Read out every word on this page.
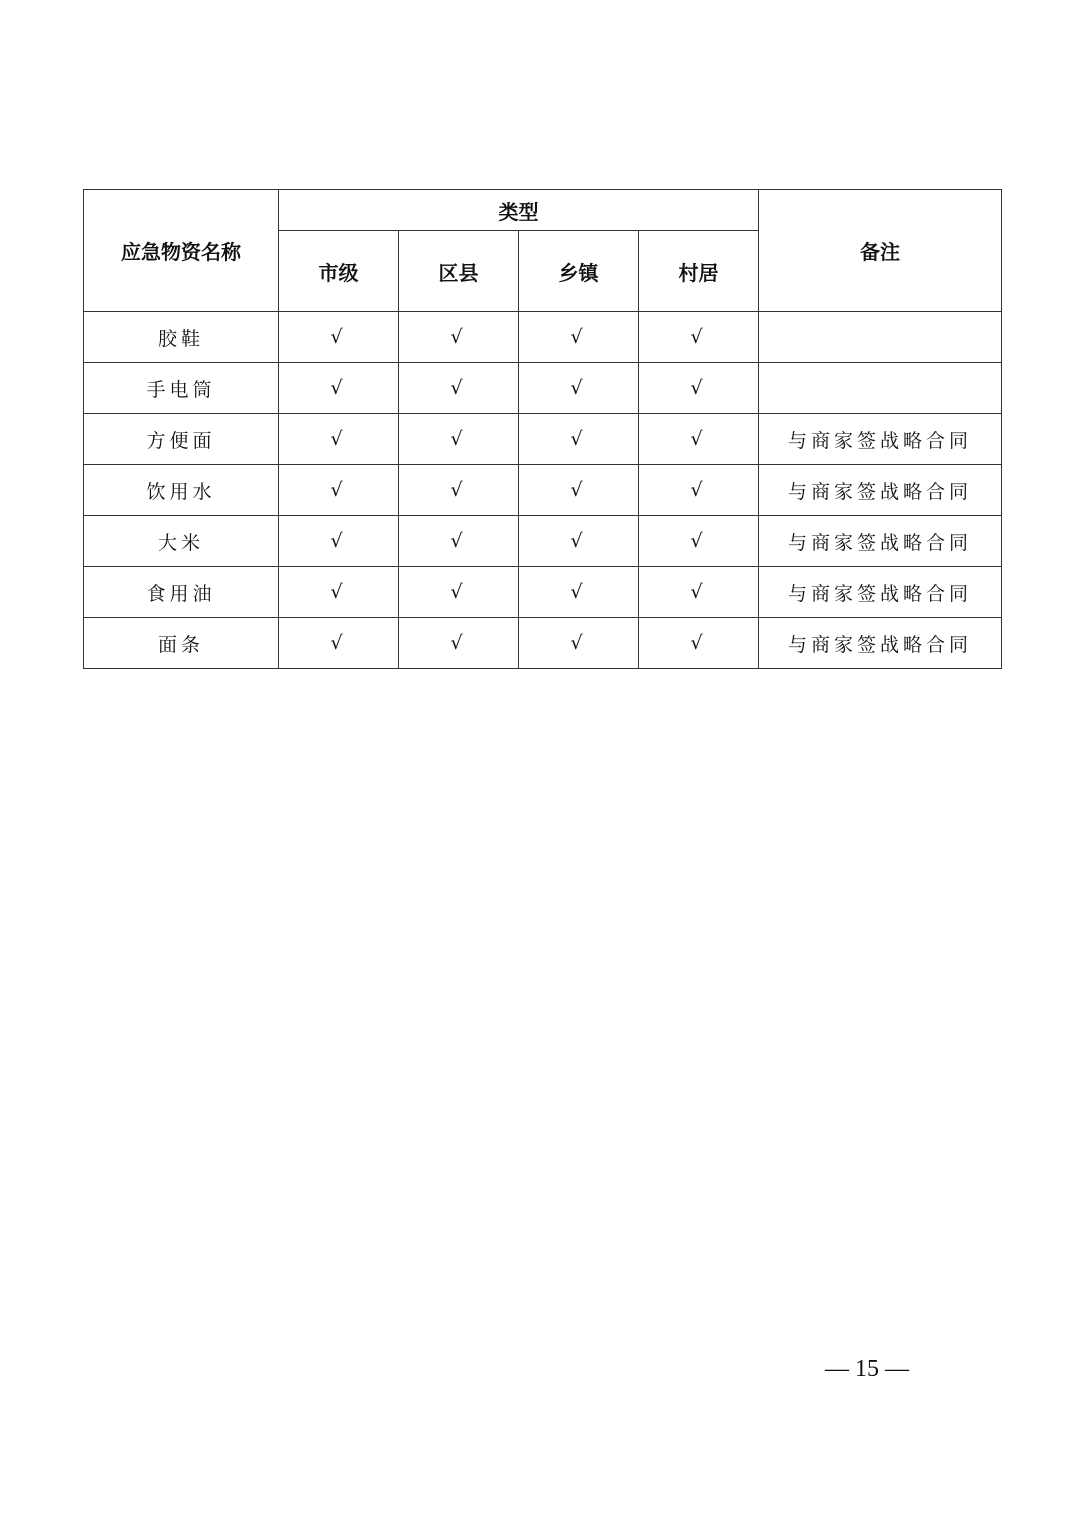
应急物资名称	类型				备注
	市级	区县	乡镇	村居	
胶鞋	√	√	√	√	
手电筒	√	√	√	√	
方便面	√	√	√	√	与商家签战略合同
饮用水	√	√	√	√	与商家签战略合同
大米	√	√	√	√	与商家签战略合同
食用油	√	√	√	√	与商家签战略合同
面条	√	√	√	√	与商家签战略合同
— 15 —
